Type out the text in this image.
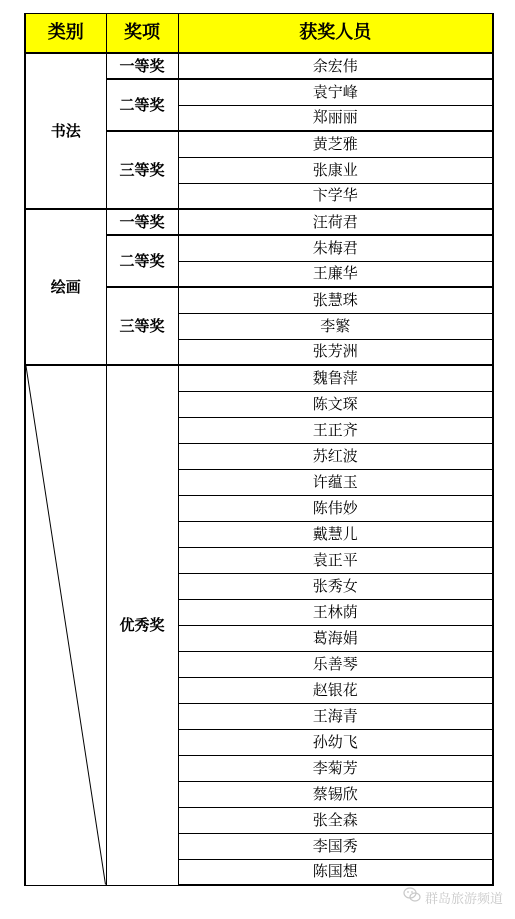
类别	奖项	获奖人员
书法	一等奖	余宏伟
	二等奖	袁宁峰
		郑丽丽
	三等奖	黄芝雅
		张康业
		卞学华
绘画	一等奖	汪荷君
	二等奖	朱梅君
		王廉华
	三等奖	张慧珠
		李繁
		张芳洲

	优秀奖	魏鲁萍
		陈文琛
		王正齐
		苏红波
		许蕴玉
		陈伟妙
		戴慧儿
		袁正平
		张秀女
		王林荫
		葛海娟
		乐善琴
		赵银花
		王海青
		孙幼飞
		李菊芳
		蔡锡欣
		张全森
		李国秀
		陈国想
群岛旅游频道
